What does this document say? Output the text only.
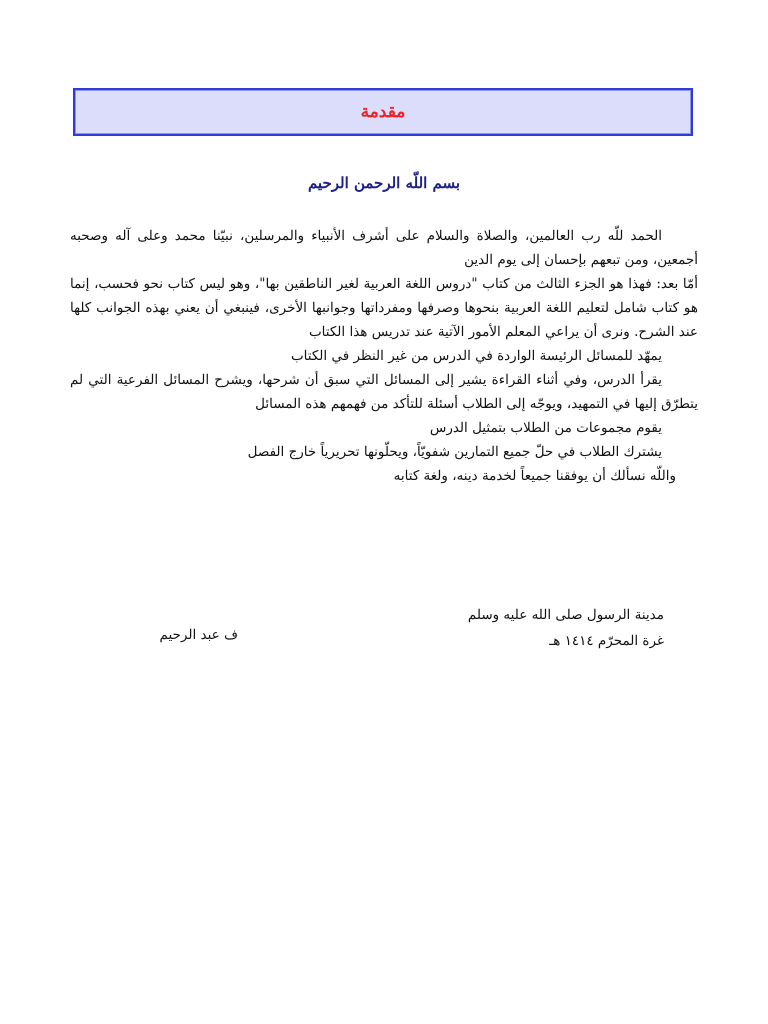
مقدمة
بسم اللّه الرحمن الرحيم

الحمد للّه رب العالمين، والصلاة والسلام على أشرف الأنبياء والمرسلين، نبيّنا محمد وعلى آله وصحبه أجمعين، ومن تبعهم بإحسان إلى يوم الدين

أمّا بعد: فهذا هو الجزء الثالث من كتاب "دروس اللغة العربية لغير الناطقين بها"، وهو ليس كتاب نحو فحسب، إنما هو كتاب شامل لتعليم اللغة العربية بنحوها وصرفها ومفرداتها وجوانبها الأخرى، فينبغي أن يعني بهذه الجوانب كلها عند الشرح. ونرى أن يراعي المعلم الأمور الآتية عند تدريس هذا الكتاب

يمهّد للمسائل الرئيسة الواردة في الدرس من غير النظر في الكتاب

يقرأ الدرس، وفي أثناء القراءة يشير إلى المسائل التي سبق أن شرحها، ويشرح المسائل الفرعية التي لم يتطرّق إليها في التمهيد، ويوجّه إلى الطلاب أسئلة للتأكد من فهمهم هذه المسائل

يقوم مجموعات من الطلاب بتمثيل الدرس

يشترك الطلاب في حلّ جميع التمارين شفويّاً، ويحلّونها تحريرياً خارج الفصل

واللّه نسألك أن يوفقنا جميعاً لخدمة دينه، ولغة كتابه

مدينة الرسول صلى الله عليه وسلم
غرة المحرّم ١٤١٤ هـ
ف عبد الرحيم
